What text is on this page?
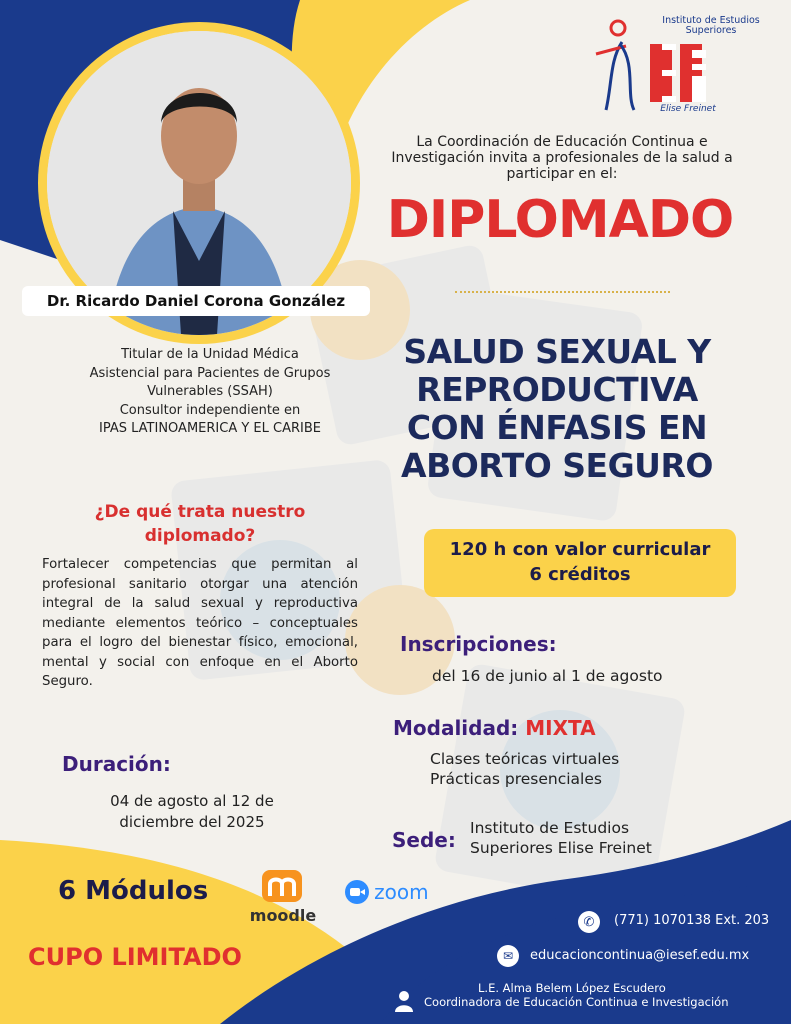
Instituto de Estudios
Superiores
Elise Freinet
Dr. Ricardo Daniel Corona González
Titular de la Unidad Médica
Asistencial para Pacientes de Grupos
Vulnerables (SSAH)
Consultor independiente en
IPAS LATINOAMERICA Y EL CARIBE
La Coordinación de Educación Continua e
Investigación invita a profesionales de la salud a
participar en el:
DIPLOMADO
SALUD SEXUAL Y
REPRODUCTIVA
CON ÉNFASIS EN
ABORTO SEGURO
120 h con valor curricular
6 créditos
¿De qué trata nuestro
diplomado?
Fortalecer competencias que permitan al profesional sanitario otorgar una atención integral de la salud sexual y reproductiva mediante elementos teórico – conceptuales para el logro del bienestar físico, emocional, mental y social con enfoque en el Aborto Seguro.
Inscripciones:
del 16 de junio al 1 de agosto
Modalidad: MIXTA
Clases teóricas virtuales
Prácticas presenciales
Duración:
04 de agosto al 12 de
diciembre del 2025
Sede: Instituto de Estudios
Superiores Elise Freinet
6 Módulos
moodle
zoom
CUPO LIMITADO
✆ (771) 1070138 Ext. 203
✉ educacioncontinua@iesef.edu.mx
L.E. Alma Belem López Escudero
Coordinadora de Educación Continua e Investigación
